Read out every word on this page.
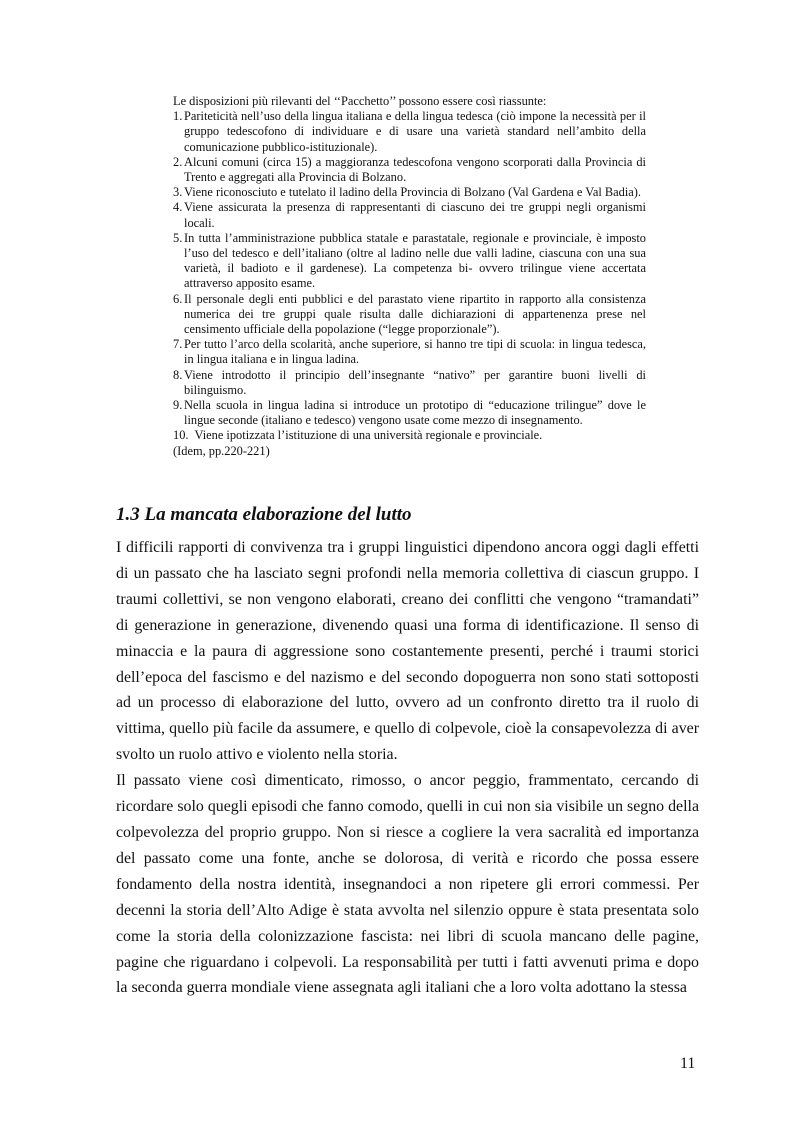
Le disposizioni più rilevanti del ‘‘Pacchetto’’ possono essere così riassunte:

1. Pariteticità nell’uso della lingua italiana e della lingua tedesca (ciò impone la necessità per il gruppo tedescofono di individuare e di usare una varietà standard nell’ambito della comunicazione pubblico-istituzionale).
2. Alcuni comuni (circa 15) a maggioranza tedescofona vengono scorporati dalla Provincia di Trento e aggregati alla Provincia di Bolzano.
3. Viene riconosciuto e tutelato il ladino della Provincia di Bolzano (Val Gardena e Val Badia).
4. Viene assicurata la presenza di rappresentanti di ciascuno dei tre gruppi negli organismi locali.
5. In tutta l’amministrazione pubblica statale e parastatale, regionale e provinciale, è imposto l’uso del tedesco e dell’italiano (oltre al ladino nelle due valli ladine, ciascuna con una sua varietà, il badioto e il gardenese). La competenza bi- ovvero trilingue viene accertata attraverso apposito esame.
6. Il personale degli enti pubblici e del parastato viene ripartito in rapporto alla consistenza numerica dei tre gruppi quale risulta dalle dichiarazioni di appartenenza prese nel censimento ufficiale della popolazione (“legge proporzionale”).
7. Per tutto l’arco della scolarità, anche superiore, si hanno tre tipi di scuola: in lingua tedesca, in lingua italiana e in lingua ladina.
8. Viene introdotto il principio dell’insegnante “nativo” per garantire buoni livelli di bilinguismo.
9. Nella scuola in lingua ladina si introduce un prototipo di “educazione trilingue” dove le lingue seconde (italiano e tedesco) vengono usate come mezzo di insegnamento.
10. Viene ipotizzata l’istituzione di una università regionale e provinciale.

(Idem, pp.220-221)

1.3 La mancata elaborazione del lutto

I difficili rapporti di convivenza tra i gruppi linguistici dipendono ancora oggi dagli effetti di un passato che ha lasciato segni profondi nella memoria collettiva di ciascun gruppo. I traumi collettivi, se non vengono elaborati, creano dei conflitti che vengono “tramandati” di generazione in generazione, divenendo quasi una forma di identificazione. Il senso di minaccia e la paura di aggressione sono costantemente presenti, perché i traumi storici dell’epoca del fascismo e del nazismo e del secondo dopoguerra non sono stati sottoposti ad un processo di elaborazione del lutto, ovvero ad un confronto diretto tra il ruolo di vittima, quello più facile da assumere, e quello di colpevole, cioè la consapevolezza di aver svolto un ruolo attivo e violento nella storia.

Il passato viene così dimenticato, rimosso, o ancor peggio, frammentato, cercando di ricordare solo quegli episodi che fanno comodo, quelli in cui non sia visibile un segno della colpevolezza del proprio gruppo. Non si riesce a cogliere la vera sacralità ed importanza del passato come una fonte, anche se dolorosa, di verità e ricordo che possa essere fondamento della nostra identità, insegnandoci a non ripetere gli errori commessi. Per decenni la storia dell’Alto Adige è stata avvolta nel silenzio oppure è stata presentata solo come la storia della colonizzazione fascista: nei libri di scuola mancano delle pagine, pagine che riguardano i colpevoli. La responsabilità per tutti i fatti avvenuti prima e dopo la seconda guerra mondiale viene assegnata agli italiani che a loro volta adottano la stessa

11
